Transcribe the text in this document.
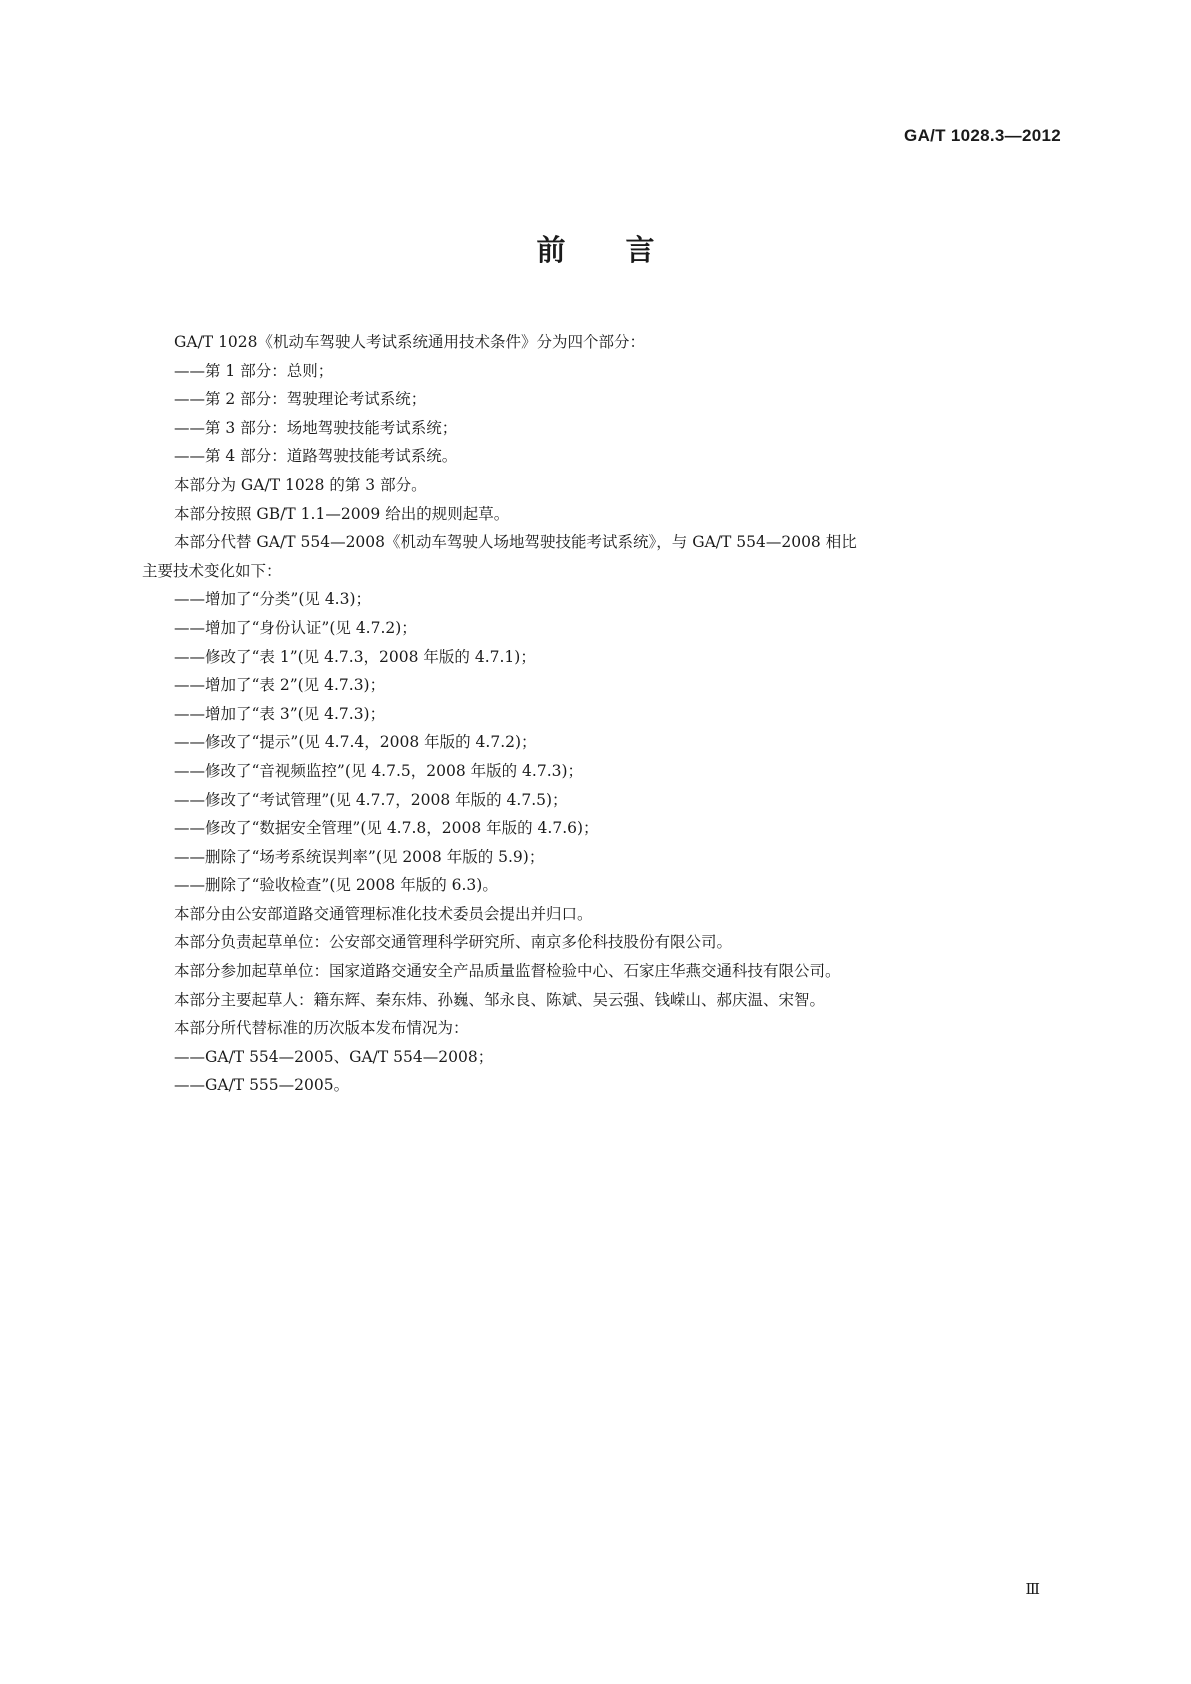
GA/T 1028.3—2012
前言
GA/T 1028《机动车驾驶人考试系统通用技术条件》分为四个部分：
——第 1 部分：总则；
——第 2 部分：驾驶理论考试系统；
——第 3 部分：场地驾驶技能考试系统；
——第 4 部分：道路驾驶技能考试系统。
本部分为 GA/T 1028 的第 3 部分。
本部分按照 GB/T 1.1—2009 给出的规则起草。
本部分代替 GA/T 554—2008《机动车驾驶人场地驾驶技能考试系统》，与 GA/T 554—2008 相比
主要技术变化如下：
——增加了“分类”(见 4.3)；
——增加了“身份认证”(见 4.7.2)；
——修改了“表 1”(见 4.7.3，2008 年版的 4.7.1)；
——增加了“表 2”(见 4.7.3)；
——增加了“表 3”(见 4.7.3)；
——修改了“提示”(见 4.7.4，2008 年版的 4.7.2)；
——修改了“音视频监控”(见 4.7.5，2008 年版的 4.7.3)；
——修改了“考试管理”(见 4.7.7，2008 年版的 4.7.5)；
——修改了“数据安全管理”(见 4.7.8，2008 年版的 4.7.6)；
——删除了“场考系统误判率”(见 2008 年版的 5.9)；
——删除了“验收检查”(见 2008 年版的 6.3)。
本部分由公安部道路交通管理标准化技术委员会提出并归口。
本部分负责起草单位：公安部交通管理科学研究所、南京多伦科技股份有限公司。
本部分参加起草单位：国家道路交通安全产品质量监督检验中心、石家庄华燕交通科技有限公司。
本部分主要起草人：籍东辉、秦东炜、孙巍、邹永良、陈斌、吴云强、钱嵘山、郝庆温、宋智。
本部分所代替标准的历次版本发布情况为：
——GA/T 554—2005、GA/T 554—2008；
——GA/T 555—2005。
Ⅲ
